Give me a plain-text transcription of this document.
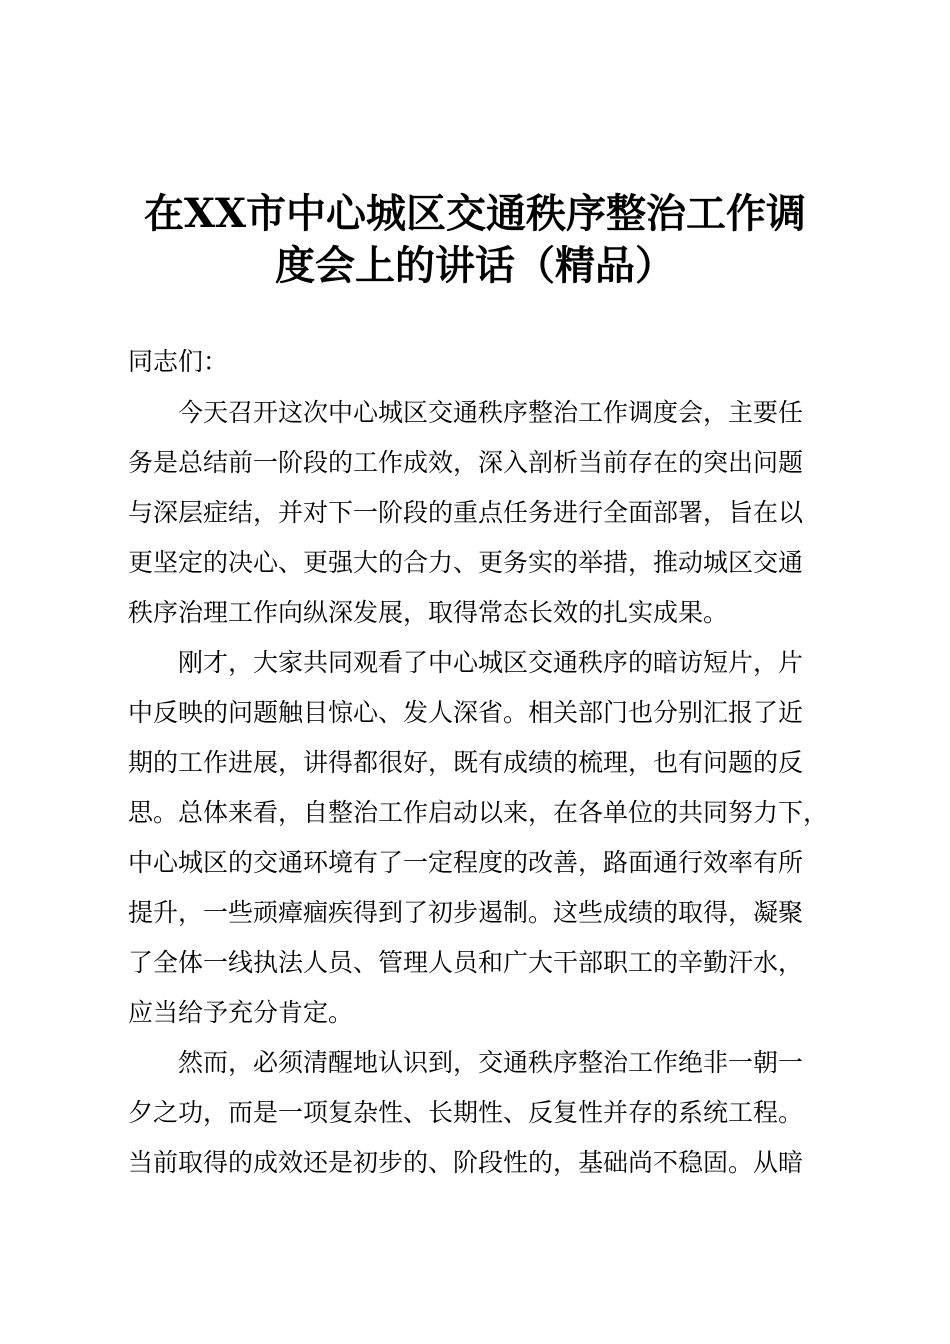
在XX市中心城区交通秩序整治工作调
度会上的讲话（精品）
同志们：
今天召开这次中心城区交通秩序整治工作调度会，主要任
务是总结前一阶段的工作成效，深入剖析当前存在的突出问题
与深层症结，并对下一阶段的重点任务进行全面部署，旨在以
更坚定的决心、更强大的合力、更务实的举措，推动城区交通
秩序治理工作向纵深发展，取得常态长效的扎实成果。
刚才，大家共同观看了中心城区交通秩序的暗访短片，片
中反映的问题触目惊心、发人深省。相关部门也分别汇报了近
期的工作进展，讲得都很好，既有成绩的梳理，也有问题的反
思。总体来看，自整治工作启动以来，在各单位的共同努力下，
中心城区的交通环境有了一定程度的改善，路面通行效率有所
提升，一些顽瘴痼疾得到了初步遏制。这些成绩的取得，凝聚
了全体一线执法人员、管理人员和广大干部职工的辛勤汗水，
应当给予充分肯定。
然而，必须清醒地认识到，交通秩序整治工作绝非一朝一
夕之功，而是一项复杂性、长期性、反复性并存的系统工程。
当前取得的成效还是初步的、阶段性的，基础尚不稳固。从暗
